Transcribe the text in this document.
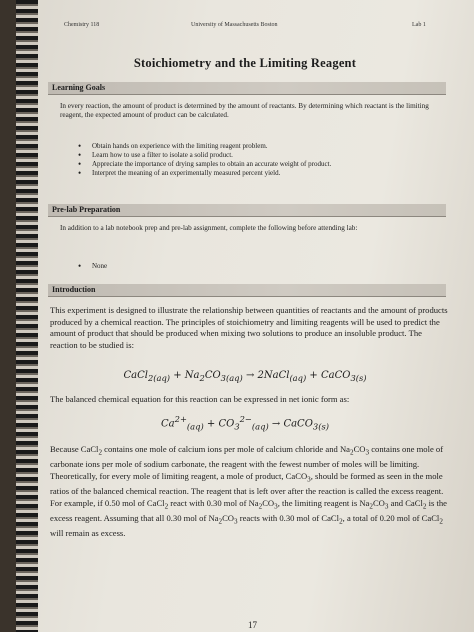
Chemistry 118	University of Massachusetts Boston	Lab 1
Stoichiometry and the Limiting Reagent
Learning Goals
In every reaction, the amount of product is determined by the amount of reactants. By determining which reactant is the limiting reagent, the expected amount of product can be calculated.
• Obtain hands on experience with the limiting reagent problem.
• Learn how to use a filter to isolate a solid product.
• Appreciate the importance of drying samples to obtain an accurate weight of product.
• Interpret the meaning of an experimentally measured percent yield.
Pre-lab Preparation
In addition to a lab notebook prep and pre-lab assignment, complete the following before attending lab:
• None
Introduction
This experiment is designed to illustrate the relationship between quantities of reactants and the amount of products produced by a chemical reaction. The principles of stoichiometry and limiting reagents will be used to predict the amount of product that should be produced when mixing two solutions to produce an insoluble product. The reaction to be studied is:
CaCl$_{2(aq)}$ + $Na_2CO_{3(aq)}$ → 2NaCl$_{(aq)}$ + CaCO$_{3(s)}$
The balanced chemical equation for this reaction can be expressed in net ionic form as:
$Ca^{2+}_{(aq)} + CO_3^{2-}_{(aq)}$ → CaCO$_{3(s)}$
Because CaCl$_2$ contains one mole of calcium ions per mole of calcium chloride and $Na_2CO_3$ contains one mole of carbonate ions per mole of sodium carbonate, the reagent with the fewest number of moles will be limiting. Theoretically, for every mole of limiting reagent, a mole of product, CaCO$_3$, should be formed as seen in the mole ratios of the balanced chemical reaction. The reagent that is left over after the reaction is called the excess reagent. For example, if 0.50 mol of CaCl$_2$ react with 0.30 mol of $Na_2CO_3$, the limiting reagent is $Na_2CO_3$ and CaCl$_2$ is the excess reagent. Assuming that all 0.30 mol of $Na_2CO_3$ reacts with 0.30 mol of CaCl$_2$, a total of 0.20 mol of CaCl$_2$ will remain as excess.
17
